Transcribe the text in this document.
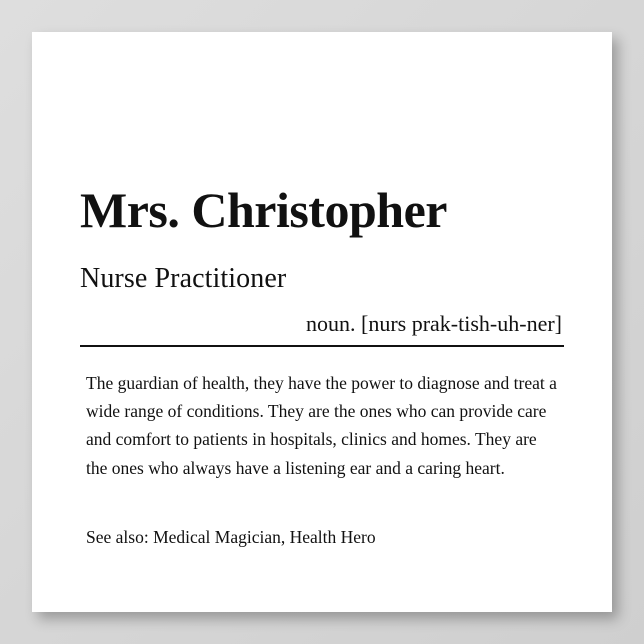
Mrs. Christopher
Nurse Practitioner
noun. [nurs prak-tish-uh-ner]

The guardian of health, they have the power to diagnose and treat a wide range of conditions. They are the ones who can provide care and comfort to patients in hospitals, clinics and homes. They are the ones who always have a listening ear and a caring heart.

See also: Medical Magician, Health Hero
